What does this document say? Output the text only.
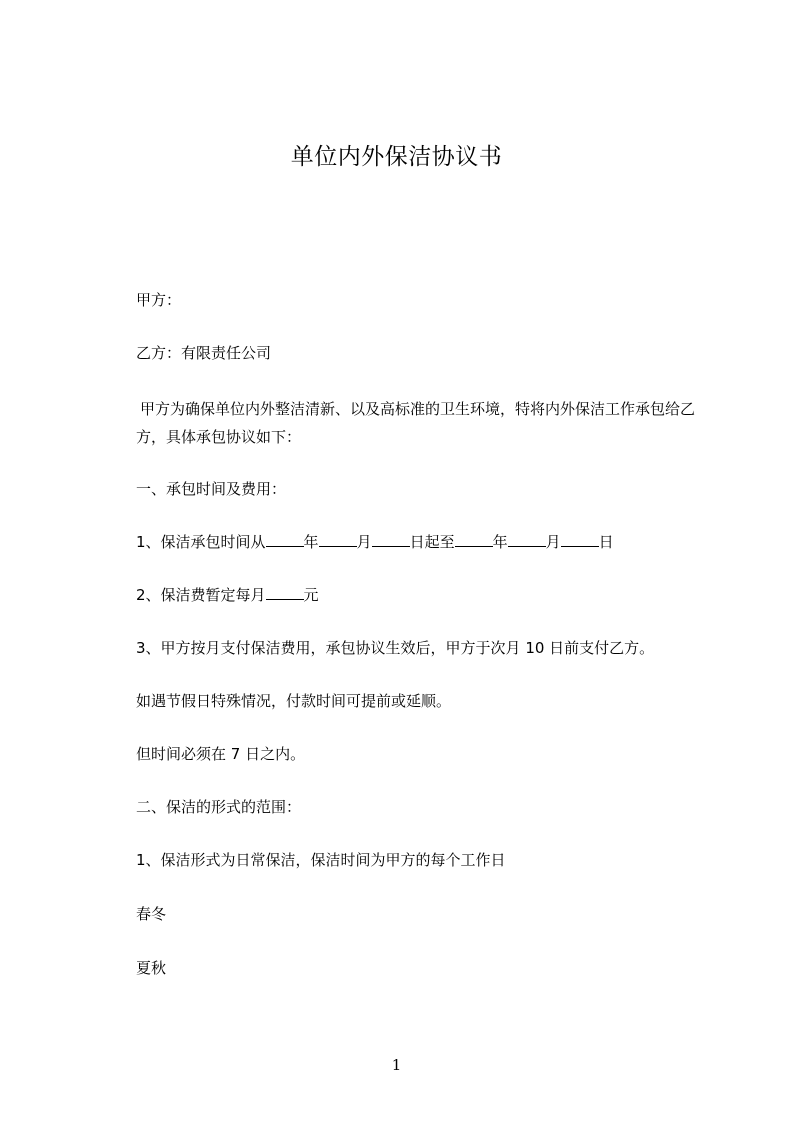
单位内外保洁协议书
甲方：
乙方：有限责任公司
甲方为确保单位内外整洁清新、以及高标准的卫生环境，特将内外保洁工作承包给乙方，具体承包协议如下：
一、承包时间及费用：
1、保洁承包时间从	年	月	日起至	年	月	日
2、保洁费暂定每月	元
3、甲方按月支付保洁费用，承包协议生效后，甲方于次月 10 日前支付乙方。
如遇节假日特殊情况，付款时间可提前或延顺。
但时间必须在 7 日之内。
二、保洁的形式的范围：
1、保洁形式为日常保洁，保洁时间为甲方的每个工作日
春冬
夏秋
1
